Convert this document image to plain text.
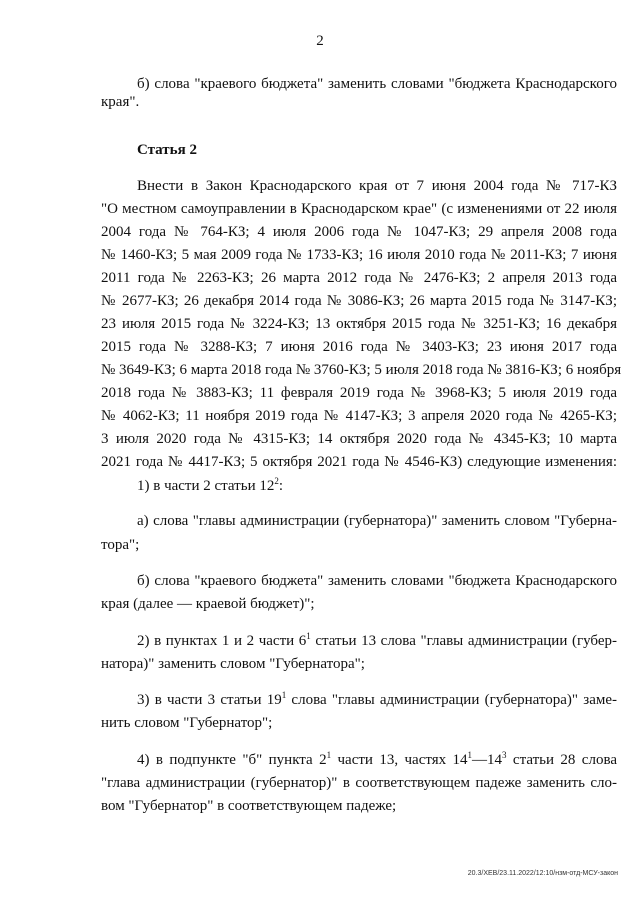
2
б) слова "краевого бюджета" заменить словами "бюджета Краснодарского
края".
Статья 2
Внести в Закон Краснодарского края от 7 июня 2004 года № 717-КЗ
"О местном самоуправлении в Краснодарском крае" (с изменениями от 22 июля
2004 года № 764-КЗ; 4 июля 2006 года № 1047-КЗ; 29 апреля 2008 года
№ 1460-КЗ; 5 мая 2009 года № 1733-КЗ; 16 июля 2010 года № 2011-КЗ; 7 июня
2011 года № 2263-КЗ; 26 марта 2012 года № 2476-КЗ; 2 апреля 2013 года
№ 2677-КЗ; 26 декабря 2014 года № 3086-КЗ; 26 марта 2015 года № 3147-КЗ;
23 июля 2015 года № 3224-КЗ; 13 октября 2015 года № 3251-КЗ; 16 декабря
2015 года № 3288-КЗ; 7 июня 2016 года № 3403-КЗ; 23 июня 2017 года
№ 3649-КЗ; 6 марта 2018 года № 3760-КЗ; 5 июля 2018 года № 3816-КЗ; 6 ноября
2018 года № 3883-КЗ; 11 февраля 2019 года № 3968-КЗ; 5 июля 2019 года
№ 4062-КЗ; 11 ноября 2019 года № 4147-КЗ; 3 апреля 2020 года № 4265-КЗ;
3 июля 2020 года № 4315-КЗ; 14 октября 2020 года № 4345-КЗ; 10 марта
2021 года № 4417-КЗ; 5 октября 2021 года № 4546-КЗ) следующие изменения:
1) в части 2 статьи $12^2$:
а) слова "главы администрации (губернатора)" заменить словом "Губерна-
тора";
б) слова "краевого бюджета" заменить словами "бюджета Краснодарского
края (далее — краевой бюджет)";
2) в пунктах 1 и 2 части $6^1$ статьи 13 слова "главы администрации (губер-
натора)" заменить словом "Губернатора";
3) в части 3 статьи $19^1$ слова "главы администрации (губернатора)" заме-
нить словом "Губернатор";
4) в подпункте "б" пункта $2^1$ части 13, частях $14^1—14^3$ статьи 28 слова
"глава администрации (губернатор)" в соответствующем падеже заменить сло-
вом "Губернатор" в соответствующем падеже;
20.3/ХЕВ/23.11.2022/12:10/нзм-отд-МСУ-закон
